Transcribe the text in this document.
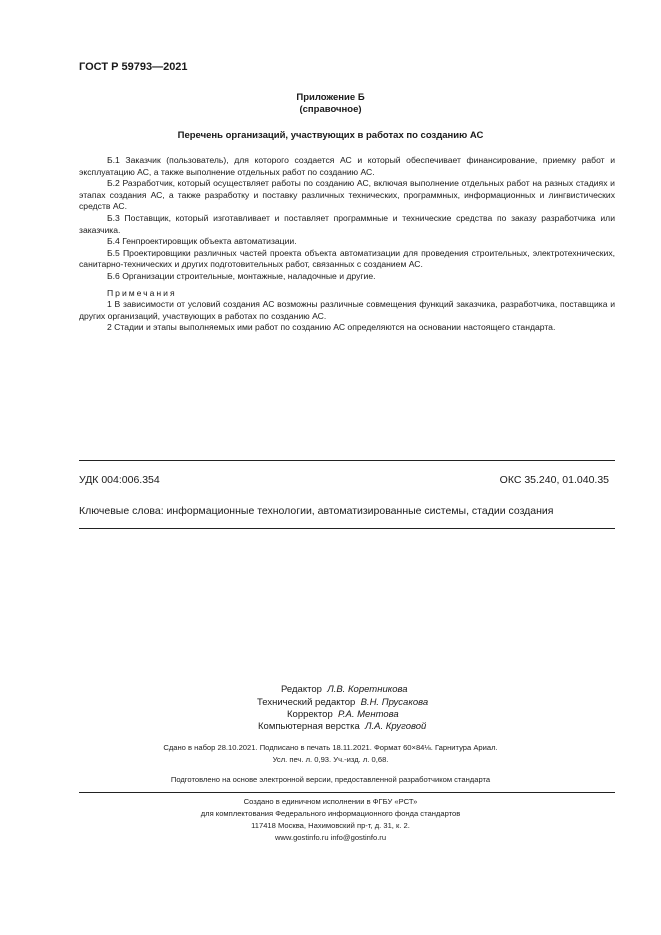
ГОСТ Р 59793—2021
Приложение Б
(справочное)
Перечень организаций, участвующих в работах по созданию АС

Б.1 Заказчик (пользователь), для которого создается АС и который обеспечивает финансирование, приемку работ и эксплуатацию АС, а также выполнение отдельных работ по созданию АС.

Б.2 Разработчик, который осуществляет работы по созданию АС, включая выполнение отдельных работ на разных стадиях и этапах создания АС, а также разработку и поставку различных технических, программных, информационных и лингвистических средств АС.

Б.3 Поставщик, который изготавливает и поставляет программные и технические средства по заказу разработчика или заказчика.

Б.4 Генпроектировщик объекта автоматизации.

Б.5 Проектировщики различных частей проекта объекта автоматизации для проведения строительных, электротехнических, санитарно-технических и других подготовительных работ, связанных с созданием АС.

Б.6 Организации строительные, монтажные, наладочные и другие.

Примечания

1 В зависимости от условий создания АС возможны различные совмещения функций заказчика, разработчика, поставщика и других организаций, участвующих в работах по созданию АС.

2 Стадии и этапы выполняемых ими работ по созданию АС определяются на основании настоящего стандарта.

УДК 004:006.354	ОКС 35.240, 01.040.35
Ключевые слова: информационные технологии, автоматизированные системы, стадии создания
Редактор Л.В. Коретникова
Технический редактор В.Н. Прусакова
Корректор Р.А. Ментова
Компьютерная верстка Л.А. Круговой
Сдано в набор 28.10.2021. Подписано в печать 18.11.2021. Формат 60×84⅛. Гарнитура Ариал.
Усл. печ. л. 0,93. Уч.-изд. л. 0,68.
Подготовлено на основе электронной версии, предоставленной разработчиком стандарта
Создано в единичном исполнении в ФГБУ «РСТ»
для комплектования Федерального информационного фонда стандартов
117418 Москва, Нахимовский пр-т, д. 31, к. 2.
www.gostinfo.ru info@gostinfo.ru
